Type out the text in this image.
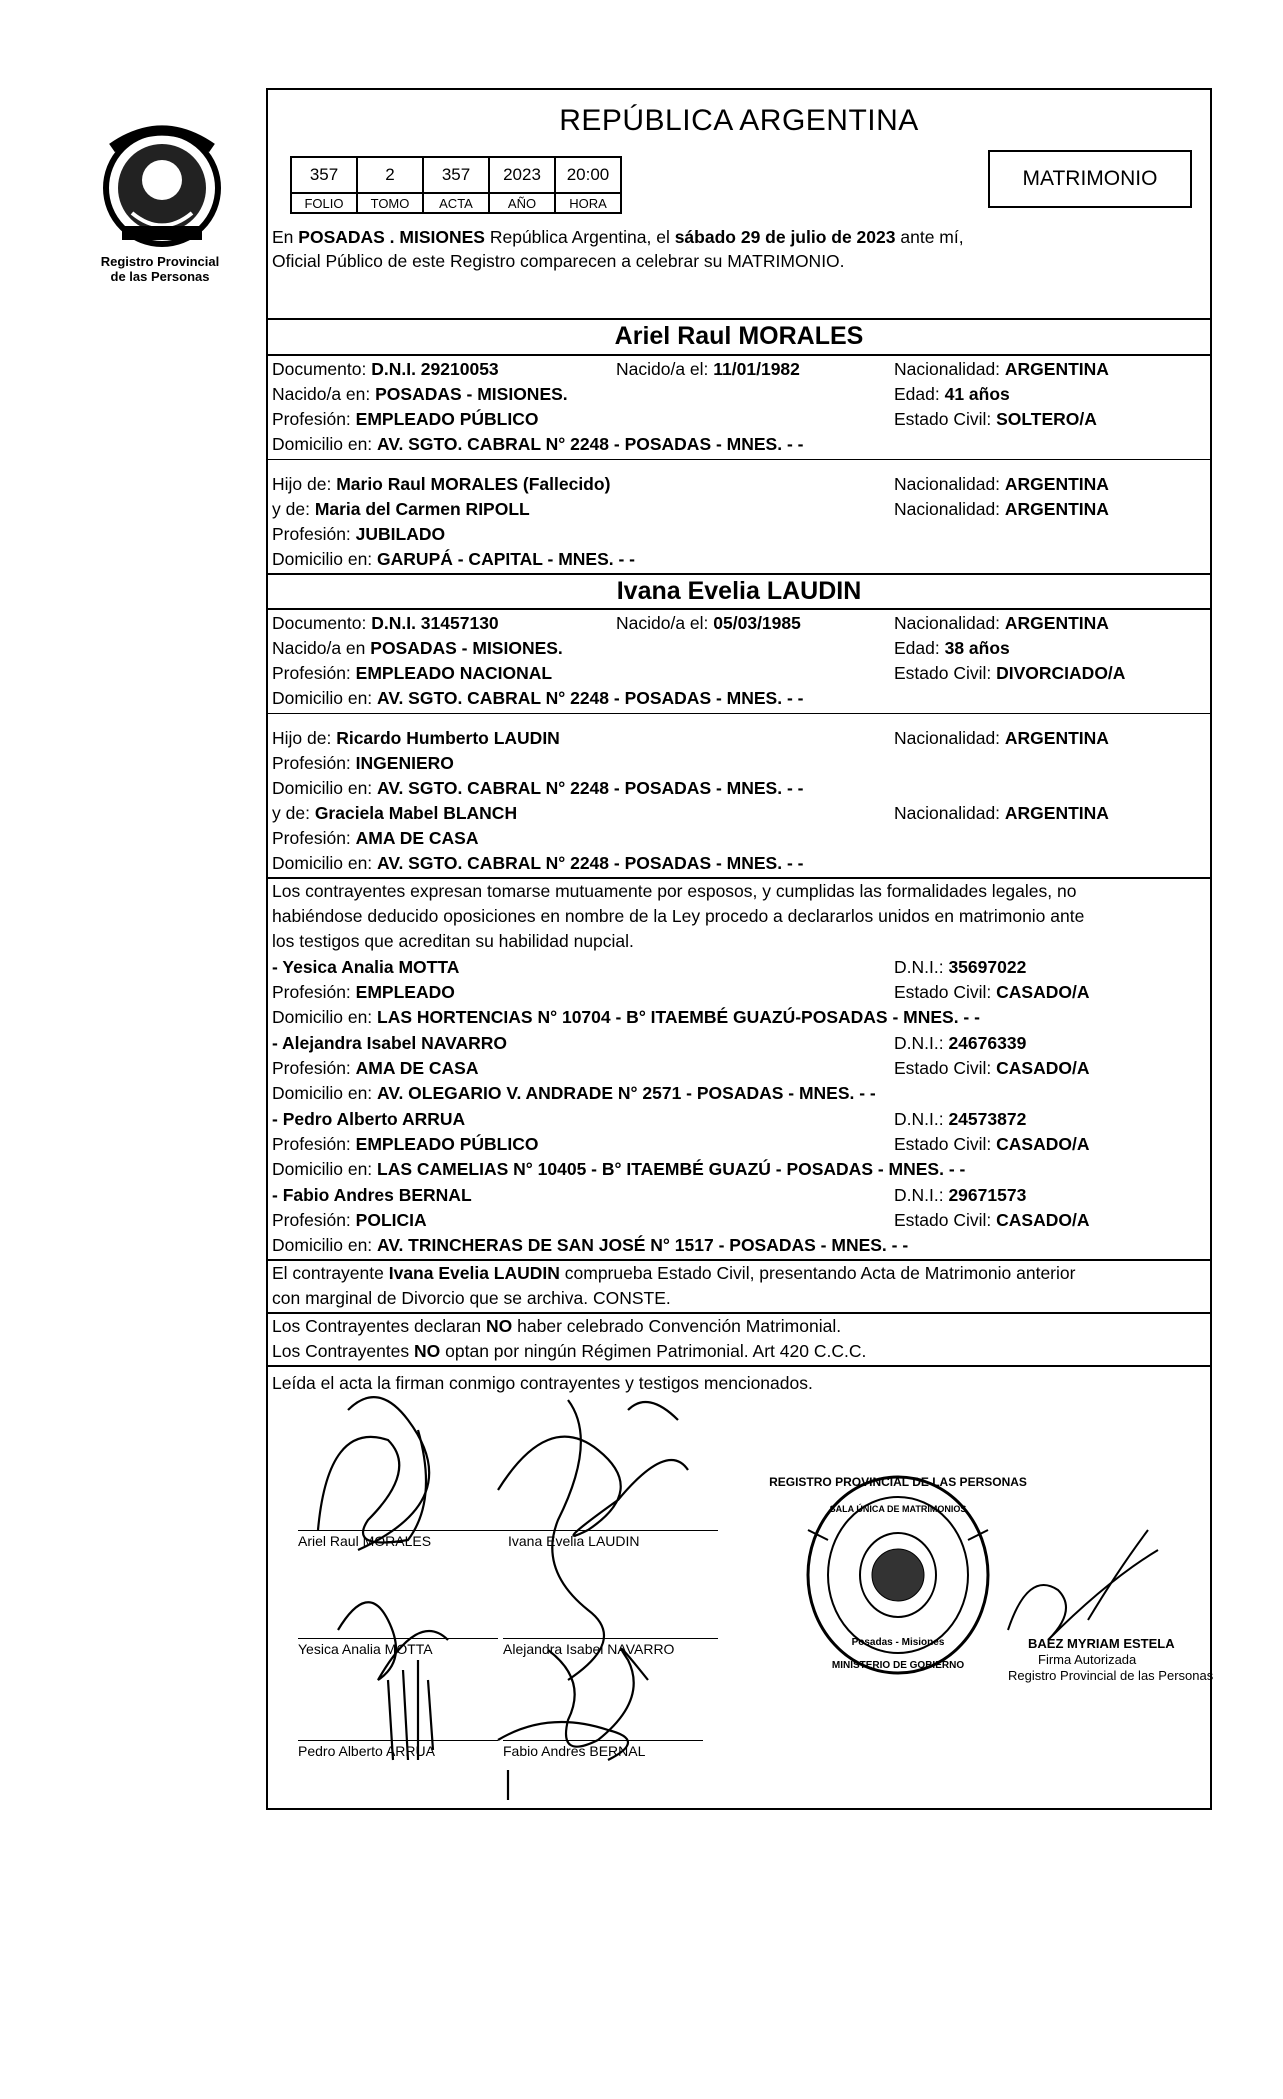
Registro Provincial
de las Personas
REPÚBLICA ARGENTINA
357	2	357	2023	20:00
FOLIO	TOMO	ACTA	AÑO	HORA
MATRIMONIO
En POSADAS . MISIONES República Argentina, el sábado 29 de julio de 2023 ante mí,
Oficial Público de este Registro comparecen a celebrar su MATRIMONIO.
Ariel Raul MORALES
Documento: D.N.I. 29210053	Nacido/a el: 11/01/1982	Nacionalidad: ARGENTINA
Nacido/a en: POSADAS - MISIONES.	Edad: 41 años
Profesión: EMPLEADO PÚBLICO	Estado Civil: SOLTERO/A
Domicilio en: AV. SGTO. CABRAL N° 2248 - POSADAS - MNES. - -
Hijo de: Mario Raul MORALES (Fallecido)	Nacionalidad: ARGENTINA
y de: Maria del Carmen RIPOLL	Nacionalidad: ARGENTINA
Profesión: JUBILADO
Domicilio en: GARUPÁ - CAPITAL - MNES. - -
Ivana Evelia LAUDIN
Documento: D.N.I. 31457130	Nacido/a el: 05/03/1985	Nacionalidad: ARGENTINA
Nacido/a en POSADAS - MISIONES.	Edad: 38 años
Profesión: EMPLEADO NACIONAL	Estado Civil: DIVORCIADO/A
Domicilio en: AV. SGTO. CABRAL N° 2248 - POSADAS - MNES. - -
Hijo de: Ricardo Humberto LAUDIN	Nacionalidad: ARGENTINA
Profesión: INGENIERO
Domicilio en: AV. SGTO. CABRAL N° 2248 - POSADAS - MNES. - -
y de: Graciela Mabel BLANCH	Nacionalidad: ARGENTINA
Profesión: AMA DE CASA
Domicilio en: AV. SGTO. CABRAL N° 2248 - POSADAS - MNES. - -
Los contrayentes expresan tomarse mutuamente por esposos, y cumplidas las formalidades legales, no
habiéndose deducido oposiciones en nombre de la Ley procedo a declararlos unidos en matrimonio ante
los testigos que acreditan su habilidad nupcial.
- Yesica Analia MOTTA	D.N.I.: 35697022
Profesión: EMPLEADO	Estado Civil: CASADO/A
Domicilio en: LAS HORTENCIAS N° 10704 - B° ITAEMBÉ GUAZÚ-POSADAS - MNES. - -
- Alejandra Isabel NAVARRO	D.N.I.: 24676339
Profesión: AMA DE CASA	Estado Civil: CASADO/A
Domicilio en: AV. OLEGARIO V. ANDRADE N° 2571 - POSADAS - MNES. - -
- Pedro Alberto ARRUA	D.N.I.: 24573872
Profesión: EMPLEADO PÚBLICO	Estado Civil: CASADO/A
Domicilio en: LAS CAMELIAS N° 10405 - B° ITAEMBÉ GUAZÚ - POSADAS - MNES. - -
- Fabio Andres BERNAL	D.N.I.: 29671573
Profesión: POLICIA	Estado Civil: CASADO/A
Domicilio en: AV. TRINCHERAS DE SAN JOSÉ N° 1517 - POSADAS - MNES. - -
El contrayente Ivana Evelia LAUDIN comprueba Estado Civil, presentando Acta de Matrimonio anterior
con marginal de Divorcio que se archiva. CONSTE.
Los Contrayentes declaran NO haber celebrado Convención Matrimonial.
Los Contrayentes NO optan por ningún Régimen Patrimonial. Art 420 C.C.C.
Leída el acta la firman conmigo contrayentes y testigos mencionados.
Ariel Raul MORALES	Ivana Evelia LAUDIN
Yesica Analia MOTTA	Alejandra Isabel NAVARRO
Pedro Alberto ARRUA	Fabio Andres BERNAL
REGISTRO PROVINCIAL DE LAS PERSONAS
SALA ÚNICA DE MATRIMONIOS
Posadas - Misiones
MINISTERIO DE GOBIERNO
BAEZ MYRIAM ESTELA
Firma Autorizada
Registro Provincial de las Personas
